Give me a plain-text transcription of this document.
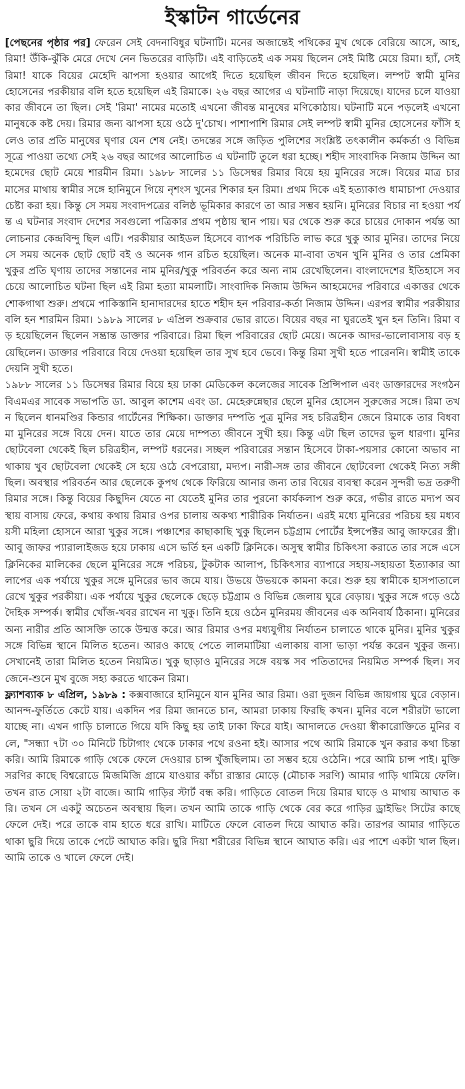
ইস্কাটন গার্ডেনের

[পেছনের পৃষ্ঠার পর] ফেরেন সেই বেদনাবিধুর ঘটনাটি। মনের অজান্তেই পথিকের মুখ থেকে বেরিয়ে আসে, আহ, রিমা! উঁকি-ঝুঁকি মেরে দেখে নেন ভিতরের বাড়িটি। এই বাড়িতেই এক সময় ছিলেন সেই মিষ্টি মেয়ে রিমা। হ্যাঁ, সেই রিমা! যাকে বিয়ের মেহেদি ঝাপসা হওয়ার আগেই দিতে হয়েছিল জীবন দিতে হয়েছিল। লম্পট স্বামী মুনির হোসেনের পরকীয়ার বলি হতে হয়েছিল এই রিমাকে। ২৬ বছর আগের এ ঘটনাটি নাড়া দিয়েছে। যাদের চলে যাওয়া কার জীবনে তা ছিল। সেই 'রিমা' নামের মতোই এখনো জীবন্ত মানুষের মণিকোঠায়। ঘটনাটি মনে পড়লেই এখনো মানুষকে কষ্ট দেয়। রিমার জন্য ঝাপসা হয়ে ওঠে দু'চোখ। পাশাপাশি রিমার সেই লম্পট স্বামী মুনির হোসেনের ফাঁসি হলেও তার প্রতি মানুষের ঘৃণার যেন শেষ নেই। তদন্তের সঙ্গে জড়িত পুলিশের সংশ্লিষ্ট তৎকালীন কর্মকর্তা ও বিভিন্ন সূত্রে পাওয়া তথ্যে সেই ২৬ বছর আগের আলোচিত এ ঘটনাটি তুলে ধরা হচ্ছে। শহীদ সাংবাদিক নিজাম উদ্দিন আহমেদের ছোট মেয়ে শারমীন রিমা। ১৯৮৮ সালের ১১ ডিসেম্বর রিমার বিয়ে হয় মুনিরের সঙ্গে। বিয়ের মাত্র চার মাসের মাথায় স্বামীর সঙ্গে হানিমুনে গিয়ে নৃশংস খুনের শিকার হন রিমা। প্রথম দিকে এই হত্যাকাণ্ড ধামাচাপা দেওয়ার চেষ্টা করা হয়। কিন্তু সে সময় সংবাদপত্রের বলিষ্ঠ ভূমিকার কারণে তা আর সম্ভব হয়নি। মুনিরের বিচার না হওয়া পর্যন্ত এ ঘটনার সংবাদ দেশের সবগুলো পত্রিকার প্রথম পৃষ্ঠায় স্থান পায়। ঘর থেকে শুরু করে চায়ের দোকান পর্যন্ত আলোচনার কেন্দ্রবিন্দু ছিল এটি। পরকীয়ার আইডল হিসেবে ব্যাপক পরিচিতি লাভ করে খুকু আর মুনির। তাদের নিয়ে সে সময় অনেক ছোট ছোট বই ও অনেক গান রচিত হয়েছিল। অনেক মা-বাবা তখন খুনি মুনির ও তার প্রেমিকা খুকুর প্রতি ঘৃণায় তাদের সন্তানের নাম মুনির/খুকু পরিবর্তন করে অন্য নাম রেখেছিলেন। বাংলাদেশের ইতিহাসে সবচেয়ে আলোচিত ঘটনা ছিল এই রিমা হত্যা মামলাটি। সাংবাদিক নিজাম উদ্দিন আহমেদের পরিবারে একাত্তর থেকে শোকগাথা শুরু। প্রথমে পাকিস্তানি হানাদারদের হাতে শহীদ হন পরিবার-কর্তা নিজাম উদ্দিন। এরপর স্বামীর পরকীয়ার বলি হন শারমিন রিমা। ১৯৮৯ সালের ৮ এপ্রিল শুক্রবার ভোর রাতে। বিয়ের বছর না ঘুরতেই খুন হন তিনি। রিমা বড় হয়েছিলেন ছিলেন সম্ভ্রান্ত ডাক্তার পরিবারে। রিমা ছিল পরিবারের ছোট মেয়ে। অনেক আদর-ভালোবাসায় বড় হয়েছিলেন। ডাক্তার পরিবারে বিয়ে দেওয়া হয়েছিল তার সুখ হবে ভেবে। কিন্তু রিমা সুখী হতে পারেননি। স্বামীই তাকে দেয়নি সুখী হতে।

১৯৮৮ সালের ১১ ডিসেম্বর রিমার বিয়ে হয় ঢাকা মেডিকেল কলেজের সাবেক প্রিন্সিপাল এবং ডাক্তারদের সংগঠন বিএমএর সাবেক সভাপতি ডা. আবুল কাশেম এবং ডা. মেহেরুন্নেছার ছেলে মুনির হোসেন সুরুজের সঙ্গে। রিমা তখন ছিলেন ধানমণ্ডির কিন্ডার গার্টেনের শিক্ষিকা। ডাক্তার দম্পতি পুত্র মুনির সহ চরিত্রহীন জেনে রিমাকে তার বিধবা মা মুনিরের সঙ্গে বিয়ে দেন। যাতে তার মেয়ে দাম্পত্য জীবনে সুখী হয়। কিন্তু এটা ছিল তাদের ভুল ধারণা। মুনির ছোটবেলা থেকেই ছিল চরিত্রহীন, লম্পট ধরনের। সচ্ছল পরিবারের সন্তান হিসেবে টাকা-পয়সার কোনো অভাব না থাকায় খুব ছোটবেলা থেকেই সে হয়ে ওঠে বেপরোয়া, মদ্যপ। নারী-সঙ্গ তার জীবনে ছোটবেলা থেকেই নিত্য সঙ্গী ছিল। অবস্থার পরিবর্তন আর ছেলেকে কুপথ থেকে ফিরিয়ে আনার জন্য তার বিয়ের ব্যবস্থা করেন সুন্দরী ভদ্র তরুণী রিমার সঙ্গে। কিন্তু বিয়ের কিছুদিন যেতে না যেতেই মুনির তার পুরনো কার্যকলাপ শুরু করে, গভীর রাতে মদ্যপ অবস্থায় বাসায় ফেরে, কথায় কথায় রিমার ওপর চালায় অকথ্য শারীরিক নির্যাতন। এরই মধ্যে মুনিরের পরিচয় হয় মধ্যবয়সী মহিলা হোসনে আরা খুকুর সঙ্গে। পঞ্চাশের কাছাকাছি খুকু ছিলেন চট্টগ্রাম পোর্টের ইন্সপেক্টর আবু জাফরের স্ত্রী। আবু জাফর প্যারালাইজড হয়ে ঢাকায় এসে ভর্তি হন একটি ক্লিনিকে। অসুস্থ স্বামীর চিকিৎসা করাতে তার সঙ্গে এসে ক্লিনিকের মালিকের ছেলে মুনিরের সঙ্গে পরিচয়, টুকটাক আলাপ, চিকিৎসার ব্যাপারে সহায়-সহায়তা ইত্যাকার আলাপের এক পর্যায়ে খুকুর সঙ্গে মুনিরের ভাব জমে যায়। উভয়ে উভয়কে কামনা করে। শুরু হয় স্বামীকে হাসপাতালে রেখে খুকুর পরকীয়া। এক পর্যায়ে খুকুর ছেলেকে ছেড়ে চট্টগ্রাম ও বিভিন্ন জেলায় ঘুরে বেড়ায়। খুকুর সঙ্গে গড়ে ওঠে দৈহিক সম্পর্ক। স্বামীর খোঁজ-খবর রাখেন না খুকু। তিনি হয়ে ওঠেন মুনিরময় জীবনের এক অনিবার্য ঠিকানা। মুনিরের অন্য নারীর প্রতি আসক্তি তাকে উন্মত্ত করে। আর রিমার ওপর মধ্যযুগীয় নির্যাতন চালাতে থাকে মুনির। মুনির খুকুর সঙ্গে বিভিন্ন স্থানে মিলিত হতেন। আরও কাছে পেতে লালমাটিয়া এলাকায় বাসা ভাড়া পর্যন্ত করেন খুকুর জন্য। সেখানেই তারা মিলিত হতেন নিয়মিত। খুকু ছাড়াও মুনিরের সঙ্গে বয়স্ক সব পতিতাদের নিয়মিত সম্পর্ক ছিল। সব জেনে-শুনে মুখ বুজে সহ্য করতে থাকেন রিমা।

ফ্ল্যাশব্যাক ৮ এপ্রিল, ১৯৮৯ : কক্সবাজারে হানিমুনে যান মুনির আর রিমা। ওরা দুজন বিভিন্ন জায়গায় ঘুরে বেড়ান। আনন্দ-ফুর্তিতে কেটে যায়। একদিন পর রিমা জানতে চান, আমরা ঢাকায় ফিরছি কখন। মুনির বলে শরীরটা ভালো যাচ্ছে না। এখন গাড়ি চালাতে গিয়ে যদি কিছু হয় তাই ঢাকা ফিরে যাই। আদালতে দেওয়া স্বীকারোক্তিতে মুনির বলে, "সন্ধ্যা ৭টা ৩০ মিনিটে চিটাগাং থেকে ঢাকার পথে রওনা হই। আসার পথে আমি রিমাকে খুন করার কথা চিন্তা করি। আমি রিমাকে গাড়ি থেকে ফেলে দেওয়ার চান্স খুঁজছিলাম। তা সম্ভব হয়ে ওঠেনি। পরে আমি চান্স পাই। মুক্তি সরণির কাছে বিশ্বরোডে মিজমিজি গ্রামে যাওয়ার কাঁচা রাস্তার মোড়ে (মৌচাক সরণি) আমার গাড়ি থামিয়ে ফেলি। তখন রাত সোয়া ২টা বাজে। আমি গাড়ির স্টার্ট বন্ধ করি। গাড়িতে বোতল দিয়ে রিমার ঘাড়ে ও মাথায় আঘাত করি। তখন সে একটু অচেতন অবস্থায় ছিল। তখন আমি তাকে গাড়ি থেকে বের করে গাড়ির ড্রাইভিং সিটের কাছে ফেলে দেই। পরে তাকে বাম হাতে ধরে রাখি। মাটিতে ফেলে বোতল দিয়ে আঘাত করি। তারপর আমার গাড়িতে থাকা ছুরি দিয়ে তাকে পেটে আঘাত করি। ছুরি দিয়া শরীরের বিভিন্ন স্থানে আঘাত করি। এর পাশে একটা খাল ছিল। আমি তাকে ও খালে ফেলে দেই।
